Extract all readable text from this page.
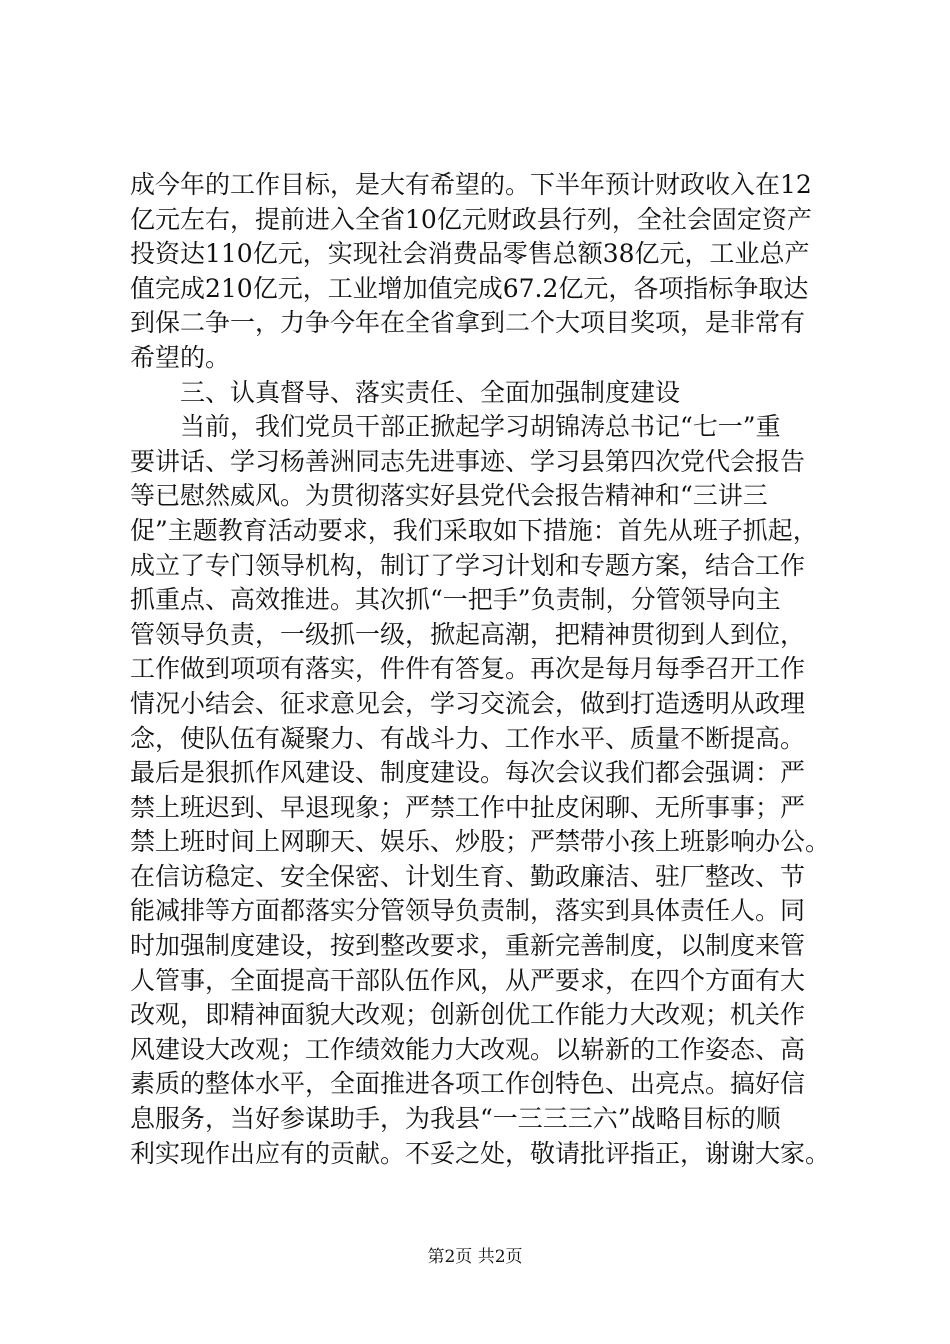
成今年的工作目标，是大有希望的。下半年预计财政收入在12
亿元左右，提前进入全省10亿元财政县行列，全社会固定资产
投资达110亿元，实现社会消费品零售总额38亿元，工业总产
值完成210亿元，工业增加值完成67.2亿元，各项指标争取达
到保二争一，力争今年在全省拿到二个大项目奖项，是非常有
希望的。
三、认真督导、落实责任、全面加强制度建设
当前，我们党员干部正掀起学习胡锦涛总书记“七一”重
要讲话、学习杨善洲同志先进事迹、学习县第四次党代会报告
等已慰然威风。为贯彻落实好县党代会报告精神和“三讲三
促”主题教育活动要求，我们采取如下措施：首先从班子抓起，
成立了专门领导机构，制订了学习计划和专题方案，结合工作
抓重点、高效推进。其次抓“一把手”负责制，分管领导向主
管领导负责，一级抓一级，掀起高潮，把精神贯彻到人到位，
工作做到项项有落实，件件有答复。再次是每月每季召开工作
情况小结会、征求意见会，学习交流会，做到打造透明从政理
念，使队伍有凝聚力、有战斗力、工作水平、质量不断提高。
最后是狠抓作风建设、制度建设。每次会议我们都会强调：严
禁上班迟到、早退现象；严禁工作中扯皮闲聊、无所事事；严
禁上班时间上网聊天、娱乐、炒股；严禁带小孩上班影响办公。
在信访稳定、安全保密、计划生育、勤政廉洁、驻厂整改、节
能减排等方面都落实分管领导负责制，落实到具体责任人。同
时加强制度建设，按到整改要求，重新完善制度，以制度来管
人管事，全面提高干部队伍作风，从严要求，在四个方面有大
改观，即精神面貌大改观；创新创优工作能力大改观；机关作
风建设大改观；工作绩效能力大改观。以崭新的工作姿态、高
素质的整体水平，全面推进各项工作创特色、出亮点。搞好信
息服务，当好参谋助手，为我县“一三三三六”战略目标的顺
利实现作出应有的贡献。不妥之处，敬请批评指正，谢谢大家。
第2页 共2页
